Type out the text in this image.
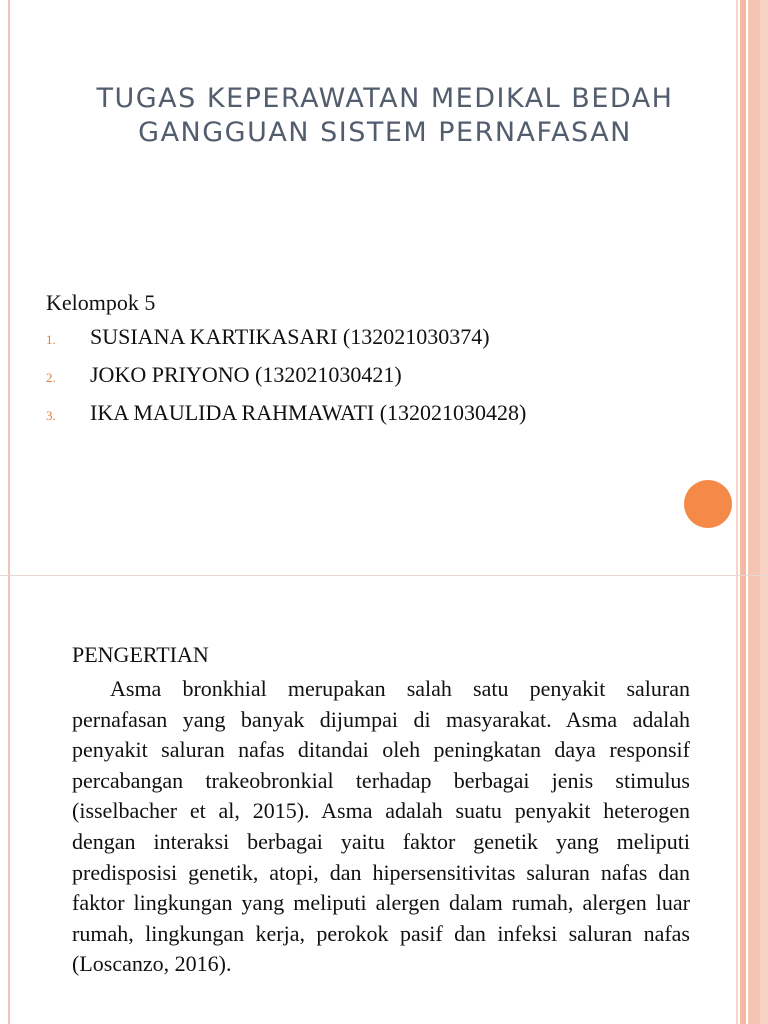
TUGAS KEPERAWATAN MEDIKAL BEDAH
GANGGUAN SISTEM PERNAFASAN
Kelompok 5
1. SUSIANA KARTIKASARI (132021030374)
2. JOKO PRIYONO (132021030421)
3. IKA MAULIDA RAHMAWATI (132021030428)
PENGERTIAN

Asma bronkhial merupakan salah satu penyakit saluran pernafasan yang banyak dijumpai di masyarakat. Asma adalah penyakit saluran nafas ditandai oleh peningkatan daya responsif percabangan trakeobronkial terhadap berbagai jenis stimulus (isselbacher et al, 2015). Asma adalah suatu penyakit heterogen dengan interaksi berbagai yaitu faktor genetik yang meliputi predisposisi genetik, atopi, dan hipersensitivitas saluran nafas dan faktor lingkungan yang meliputi alergen dalam rumah, alergen luar rumah, lingkungan kerja, perokok pasif dan infeksi saluran nafas (Loscanzo, 2016).
